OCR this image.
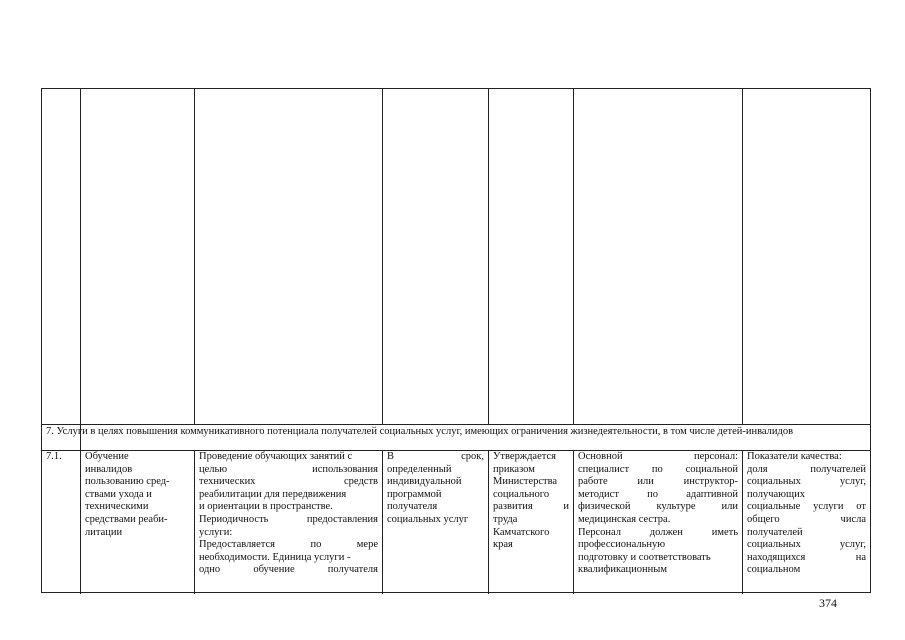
7. Услуги в целях повышения коммуникативного потенциала получателей социальных услуг, имеющих ограничения жизнедеятельности, в том числе детей-инвалидов
7.1.	Обучение
инвалидов
пользованию сред-
ствами ухода и
техническими
средствами реаби-
литации
Проведение обучающих занятий с
целью использования
технических средств
реабилитации для передвижения
и ориентации в пространстве.
Периодичность предоставления
услуги:
Предоставляется по мере
необходимости. Единица услуги -
одно обучение получателя
В срок,
определенный
индивидуальной
программой
получателя
социальных услуг
Утверждается
приказом
Министерства
социального
развития и
труда
Камчатского
края
Основной персонал:
специалист по социальной
работе или инструктор-
методист по адаптивной
физической культуре или
медицинская сестра.
Персонал должен иметь
профессиональную
подготовку и соответствовать
квалификационным
Показатели качества:
доля получателей
социальных услуг,
получающих
социальные услуги от
общего числа
получателей
социальных услуг,
находящихся на
социальном
374
